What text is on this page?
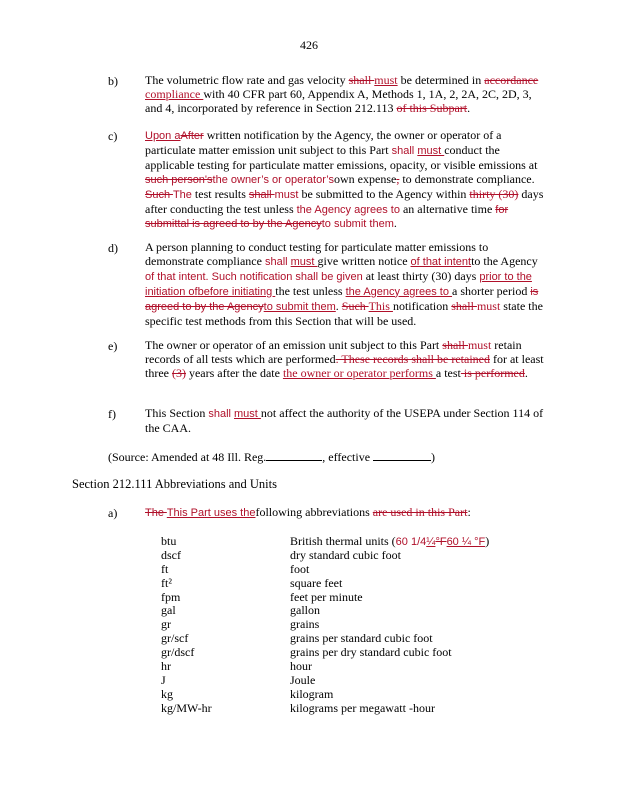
426
b) The volumetric flow rate and gas velocity shall must be determined in accordance compliance with 40 CFR part 60, Appendix A, Methods 1, 1A, 2, 2A, 2C, 2D, 3, and 4, incorporated by reference in Section 212.113 of this Subpart.
c)	Upon aAfter written notification by the Agency, the owner or operator of a particulate matter emission unit subject to this Part shall must conduct the applicable testing for particulate matter emissions, opacity, or visible emissions at such person'sthe owner’s or operator’sown expense, to demonstrate compliance. Such The test results shall must be submitted to the Agency within thirty (30) days after conducting the test unless the Agency agrees to an alternative time for submittal is agreed to by the Agencyto submit them.
d) A person planning to conduct testing for particulate matter emissions to demonstrate compliance shall must give written notice of that intentto the Agency of that intent. Such notification shall be given at least thirty (30) days prior to the initiation ofbefore initiating the test unless the Agency agrees to a shorter period is agreed to by the Agencyto submit them. Such This notification shall must state the specific test methods from this Section that will be used.
e) The owner or operator of an emission unit subject to this Part shall must retain records of all tests which are performed. These records shall be retained for at least three (3) years after the date the owner or operator performs a test is performed.
f) This Section shall must not affect the authority of the USEPA under Section 114 of the CAA.
(Source: Amended at 48 Ill. Reg.	, effective	)
Section 212.111 Abbreviations and Units
a)	The This Part uses thefollowing abbreviations are used in this Part:
btu	British thermal units (60 1/4¼°F60 ¼ °F)
dscf	dry standard cubic foot
ft	foot
ft²	square feet
fpm	feet per minute
gal	gallon
gr	grains
gr/scf	grains per standard cubic foot
gr/dscf	grains per dry standard cubic foot
hr	hour
J	Joule
kg	kilogram
kg/MW-hr	kilograms per megawatt -hour
